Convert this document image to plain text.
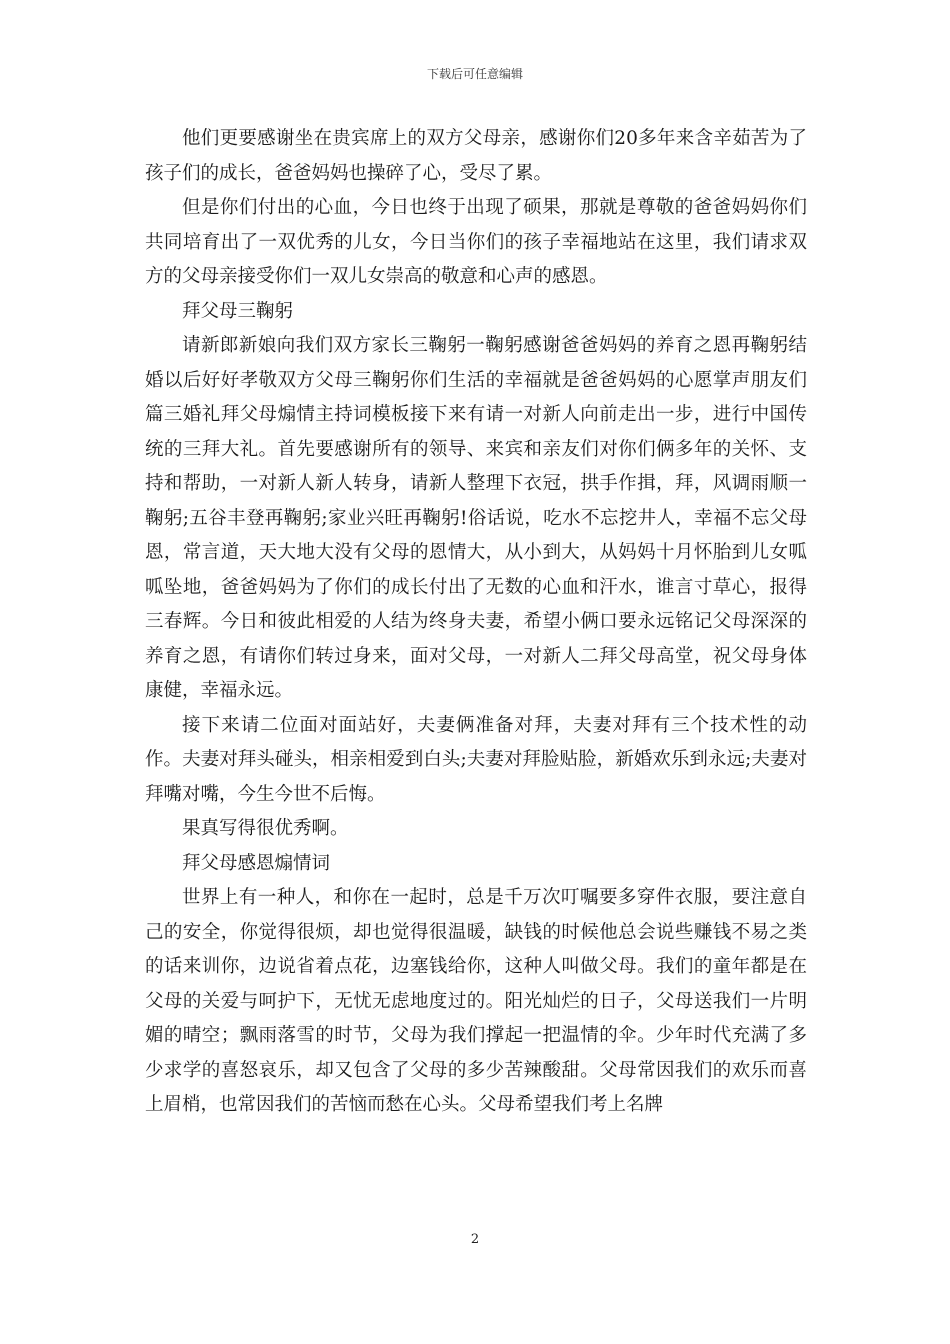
下载后可任意编辑

他们更要感谢坐在贵宾席上的双方父母亲，感谢你们20多年来含辛茹苦为了孩子们的成长，爸爸妈妈也操碎了心，受尽了累。

但是你们付出的心血，今日也终于出现了硕果，那就是尊敬的爸爸妈妈你们共同培育出了一双优秀的儿女，今日当你们的孩子幸福地站在这里，我们请求双方的父母亲接受你们一双儿女崇高的敬意和心声的感恩。

拜父母三鞠躬

请新郎新娘向我们双方家长三鞠躬一鞠躬感谢爸爸妈妈的养育之恩再鞠躬结婚以后好好孝敬双方父母三鞠躬你们生活的幸福就是爸爸妈妈的心愿掌声朋友们篇三婚礼拜父母煽情主持词模板接下来有请一对新人向前走出一步，进行中国传统的三拜大礼。首先要感谢所有的领导、来宾和亲友们对你们俩多年的关怀、支持和帮助，一对新人新人转身，请新人整理下衣冠，拱手作揖，拜，风调雨顺一鞠躬;五谷丰登再鞠躬;家业兴旺再鞠躬!俗话说，吃水不忘挖井人，幸福不忘父母恩，常言道，天大地大没有父母的恩情大，从小到大，从妈妈十月怀胎到儿女呱呱坠地，爸爸妈妈为了你们的成长付出了无数的心血和汗水，谁言寸草心，报得三春辉。今日和彼此相爱的人结为终身夫妻，希望小俩口要永远铭记父母深深的养育之恩，有请你们转过身来，面对父母，一对新人二拜父母高堂，祝父母身体康健，幸福永远。

接下来请二位面对面站好，夫妻俩准备对拜，夫妻对拜有三个技术性的动作。夫妻对拜头碰头，相亲相爱到白头;夫妻对拜脸贴脸，新婚欢乐到永远;夫妻对拜嘴对嘴，今生今世不后悔。

果真写得很优秀啊。

拜父母感恩煽情词

世界上有一种人，和你在一起时，总是千万次叮嘱要多穿件衣服，要注意自己的安全，你觉得很烦，却也觉得很温暖，缺钱的时候他总会说些赚钱不易之类的话来训你，边说省着点花，边塞钱给你，这种人叫做父母。我们的童年都是在父母的关爱与呵护下，无忧无虑地度过的。阳光灿烂的日子，父母送我们一片明媚的晴空；飘雨落雪的时节，父母为我们撑起一把温情的伞。少年时代充满了多少求学的喜怒哀乐，却又包含了父母的多少苦辣酸甜。父母常因我们的欢乐而喜上眉梢，也常因我们的苦恼而愁在心头。父母希望我们考上名牌

2
